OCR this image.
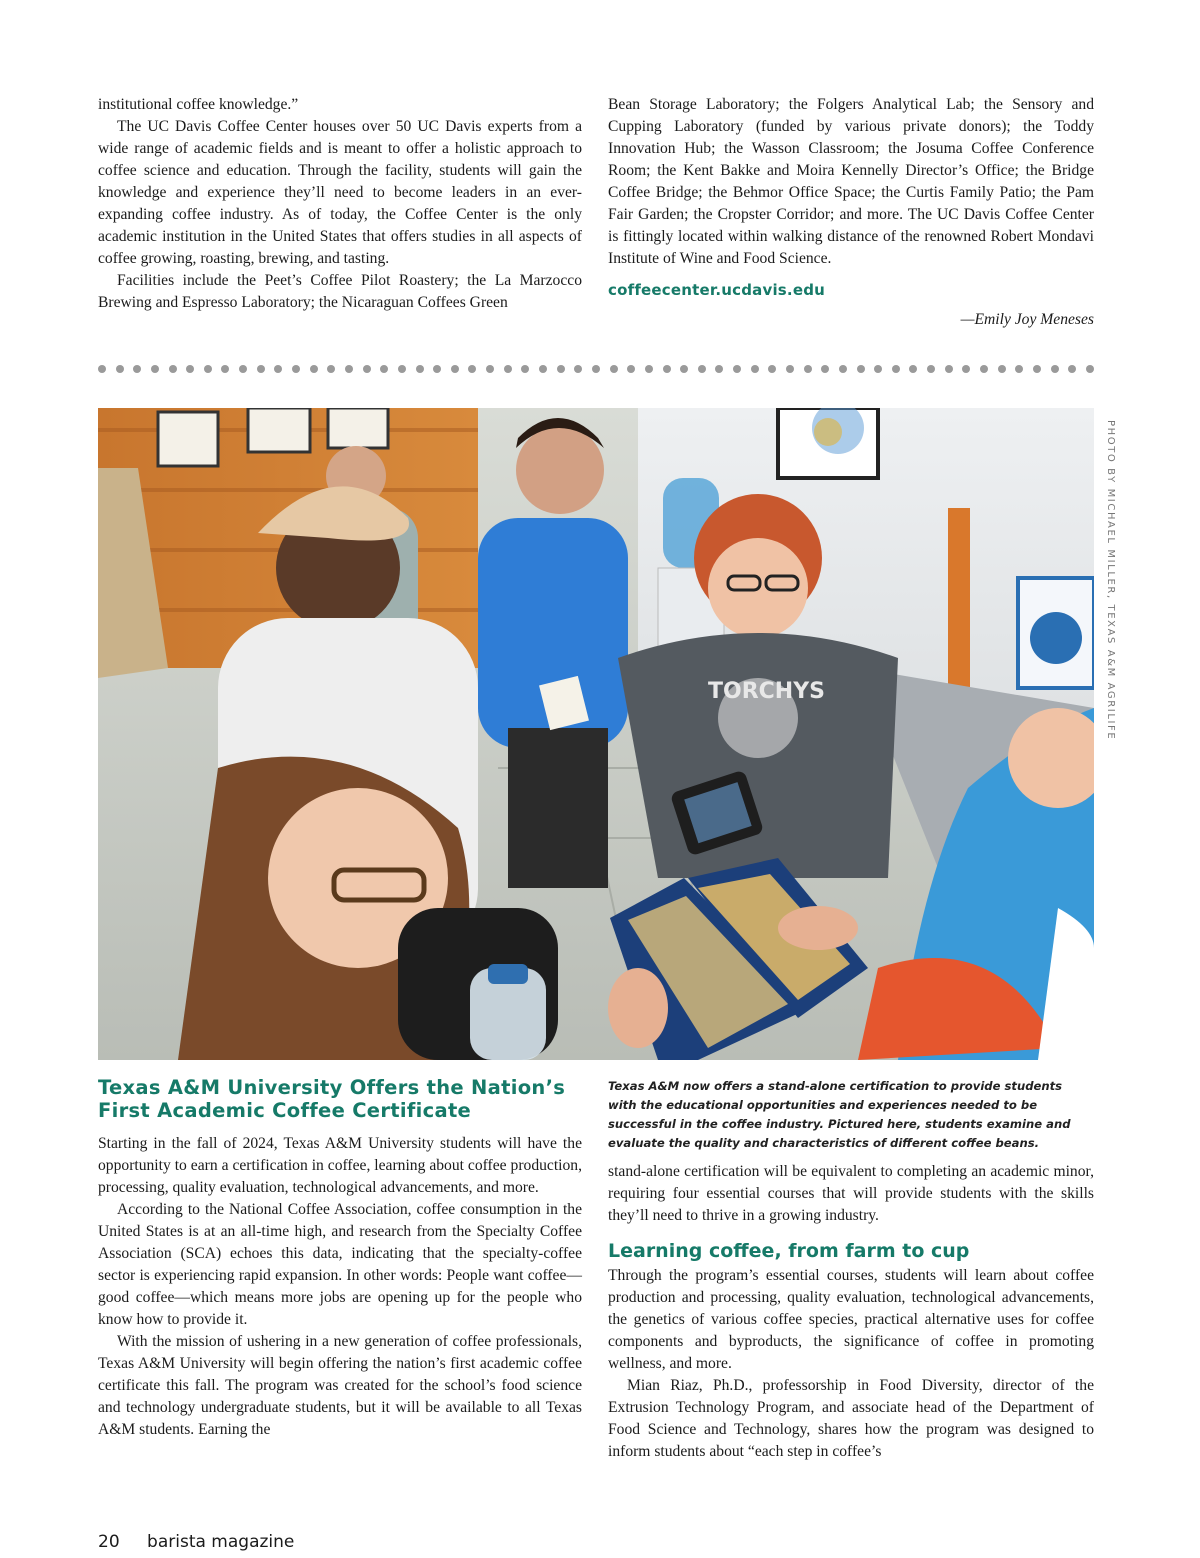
institutional coffee knowledge.”

The UC Davis Coffee Center houses over 50 UC Davis experts from a wide range of academic fields and is meant to offer a holistic approach to coffee science and education. Through the facility, students will gain the knowledge and experience they’ll need to become leaders in an ever-expanding coffee industry. As of today, the Coffee Center is the only academic institution in the United States that offers studies in all aspects of coffee growing, roasting, brewing, and tasting.

Facilities include the Peet’s Coffee Pilot Roastery; the La Marzocco Brewing and Espresso Laboratory; the Nicaraguan Coffees Green

Bean Storage Laboratory; the Folgers Analytical Lab; the Sensory and Cupping Laboratory (funded by various private donors); the Toddy Innovation Hub; the Wasson Classroom; the Josuma Coffee Conference Room; the Kent Bakke and Moira Kennelly Director’s Office; the Bridge Coffee Bridge; the Behmor Office Space; the Curtis Family Patio; the Pam Fair Garden; the Cropster Corridor; and more. The UC Davis Coffee Center is fittingly located within walking distance of the renowned Robert Mondavi Institute of Wine and Food Science.

coffeecenter.ucdavis.edu

—Emily Joy Meneses

TORCHYS	PHOTO BY MICHAEL MILLER, TEXAS A&M AGRILIFE
Texas A&M University Offers the Nation’s
First Academic Coffee Certificate

Texas A&M now offers a stand-alone certification to provide students with the educational opportunities and experiences needed to be successful in the coffee industry. Pictured here, students examine and evaluate the quality and characteristics of different coffee beans.

Starting in the fall of 2024, Texas A&M University students will have the opportunity to earn a certification in coffee, learning about coffee production, processing, quality evaluation, technological advancements, and more.

According to the National Coffee Association, coffee consumption in the United States is at an all-time high, and research from the Specialty Coffee Association (SCA) echoes this data, indicating that the specialty-coffee sector is experiencing rapid expansion. In other words: People want coffee—good coffee—which means more jobs are opening up for the people who know how to provide it.

With the mission of ushering in a new generation of coffee professionals, Texas A&M University will begin offering the nation’s first academic coffee certificate this fall. The program was created for the school’s food science and technology undergraduate students, but it will be available to all Texas A&M students. Earning the

stand-alone certification will be equivalent to completing an academic minor, requiring four essential courses that will provide students with the skills they’ll need to thrive in a growing industry.

Learning coffee, from farm to cup

Through the program’s essential courses, students will learn about coffee production and processing, quality evaluation, technological advancements, the genetics of various coffee species, practical alternative uses for coffee components and byproducts, the significance of coffee in promoting wellness, and more.

Mian Riaz, Ph.D., professorship in Food Diversity, director of the Extrusion Technology Program, and associate head of the Department of Food Science and Technology, shares how the program was designed to inform students about “each step in coffee’s

20 barista magazine
